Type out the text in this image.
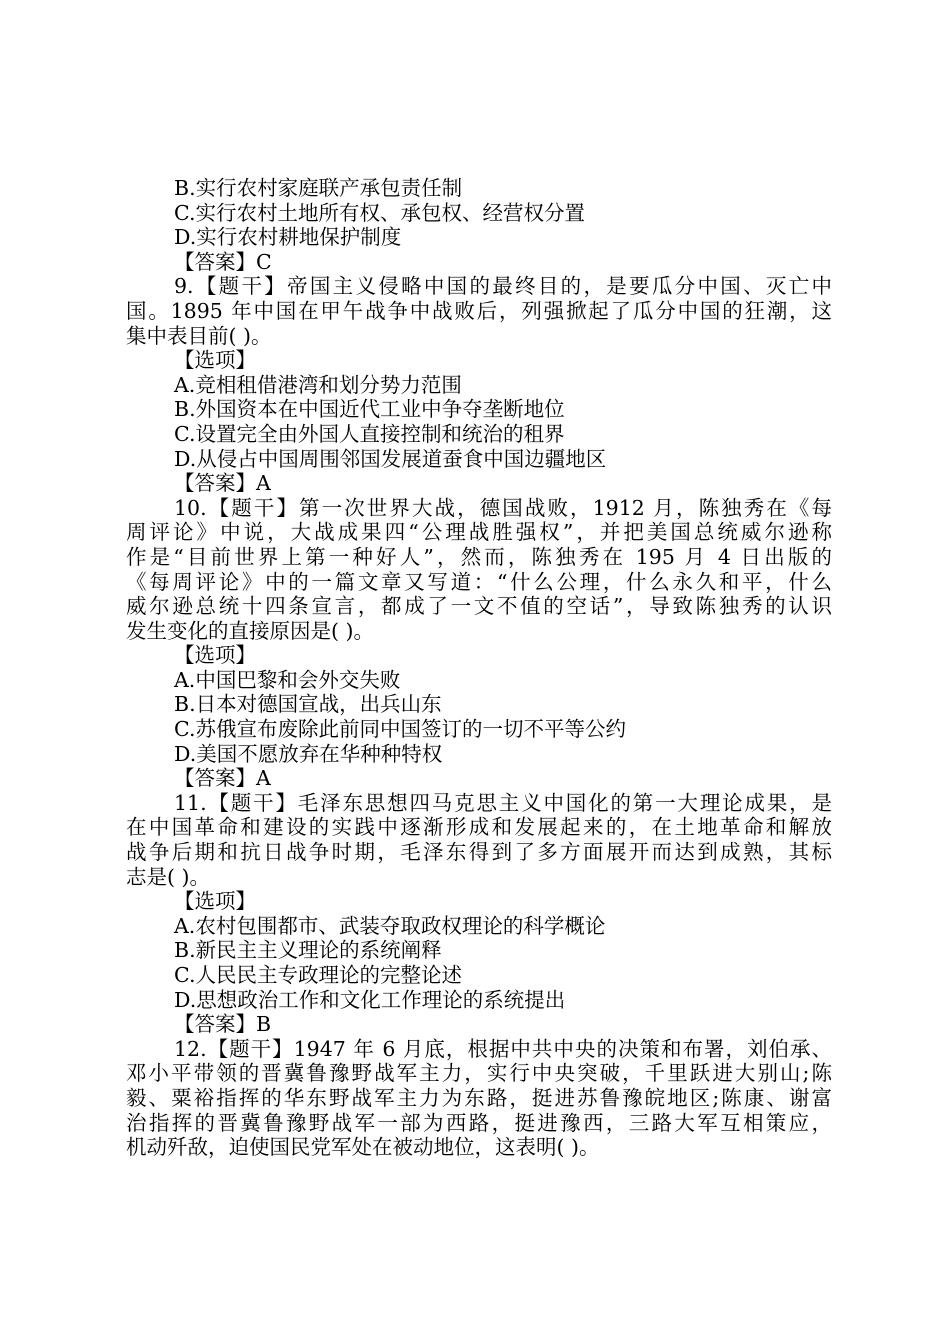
B.实行农村家庭联产承包责任制
C.实行农村土地所有权、承包权、经营权分置
D.实行农村耕地保护制度
【答案】C
9.【题干】帝国主义侵略中国的最终目的，是要瓜分中国、灭亡中
国。1895 年中国在甲午战争中战败后，列强掀起了瓜分中国的狂潮，这
集中表目前( )。
【选项】
A.竞相租借港湾和划分势力范围
B.外国资本在中国近代工业中争夺垄断地位
C.设置完全由外国人直接控制和统治的租界
D.从侵占中国周围邻国发展道蚕食中国边疆地区
【答案】A
10.【题干】第一次世界大战，德国战败，1912 月，陈独秀在《每
周评论》中说，大战成果四“公理战胜强权”，并把美国总统威尔逊称
作是“目前世界上第一种好人”，然而，陈独秀在 195 月 4 日出版的
《每周评论》中的一篇文章又写道：“什么公理，什么永久和平，什么
威尔逊总统十四条宣言，都成了一文不值的空话”，导致陈独秀的认识
发生变化的直接原因是( )。
【选项】
A.中国巴黎和会外交失败
B.日本对德国宣战，出兵山东
C.苏俄宣布废除此前同中国签订的一切不平等公约
D.美国不愿放弃在华种种特权
【答案】A
11.【题干】毛泽东思想四马克思主义中国化的第一大理论成果，是
在中国革命和建设的实践中逐渐形成和发展起来的，在土地革命和解放
战争后期和抗日战争时期，毛泽东得到了多方面展开而达到成熟，其标
志是( )。
【选项】
A.农村包围都市、武装夺取政权理论的科学概论
B.新民主主义理论的系统阐释
C.人民民主专政理论的完整论述
D.思想政治工作和文化工作理论的系统提出
【答案】B
12.【题干】1947 年 6 月底，根据中共中央的决策和布署，刘伯承、
邓小平带领的晋冀鲁豫野战军主力，实行中央突破，千里跃进大别山;陈
毅、粟裕指挥的华东野战军主力为东路，挺进苏鲁豫皖地区;陈康、谢富
治指挥的晋冀鲁豫野战军一部为西路，挺进豫西，三路大军互相策应，
机动歼敌，迫使国民党军处在被动地位，这表明( )。
